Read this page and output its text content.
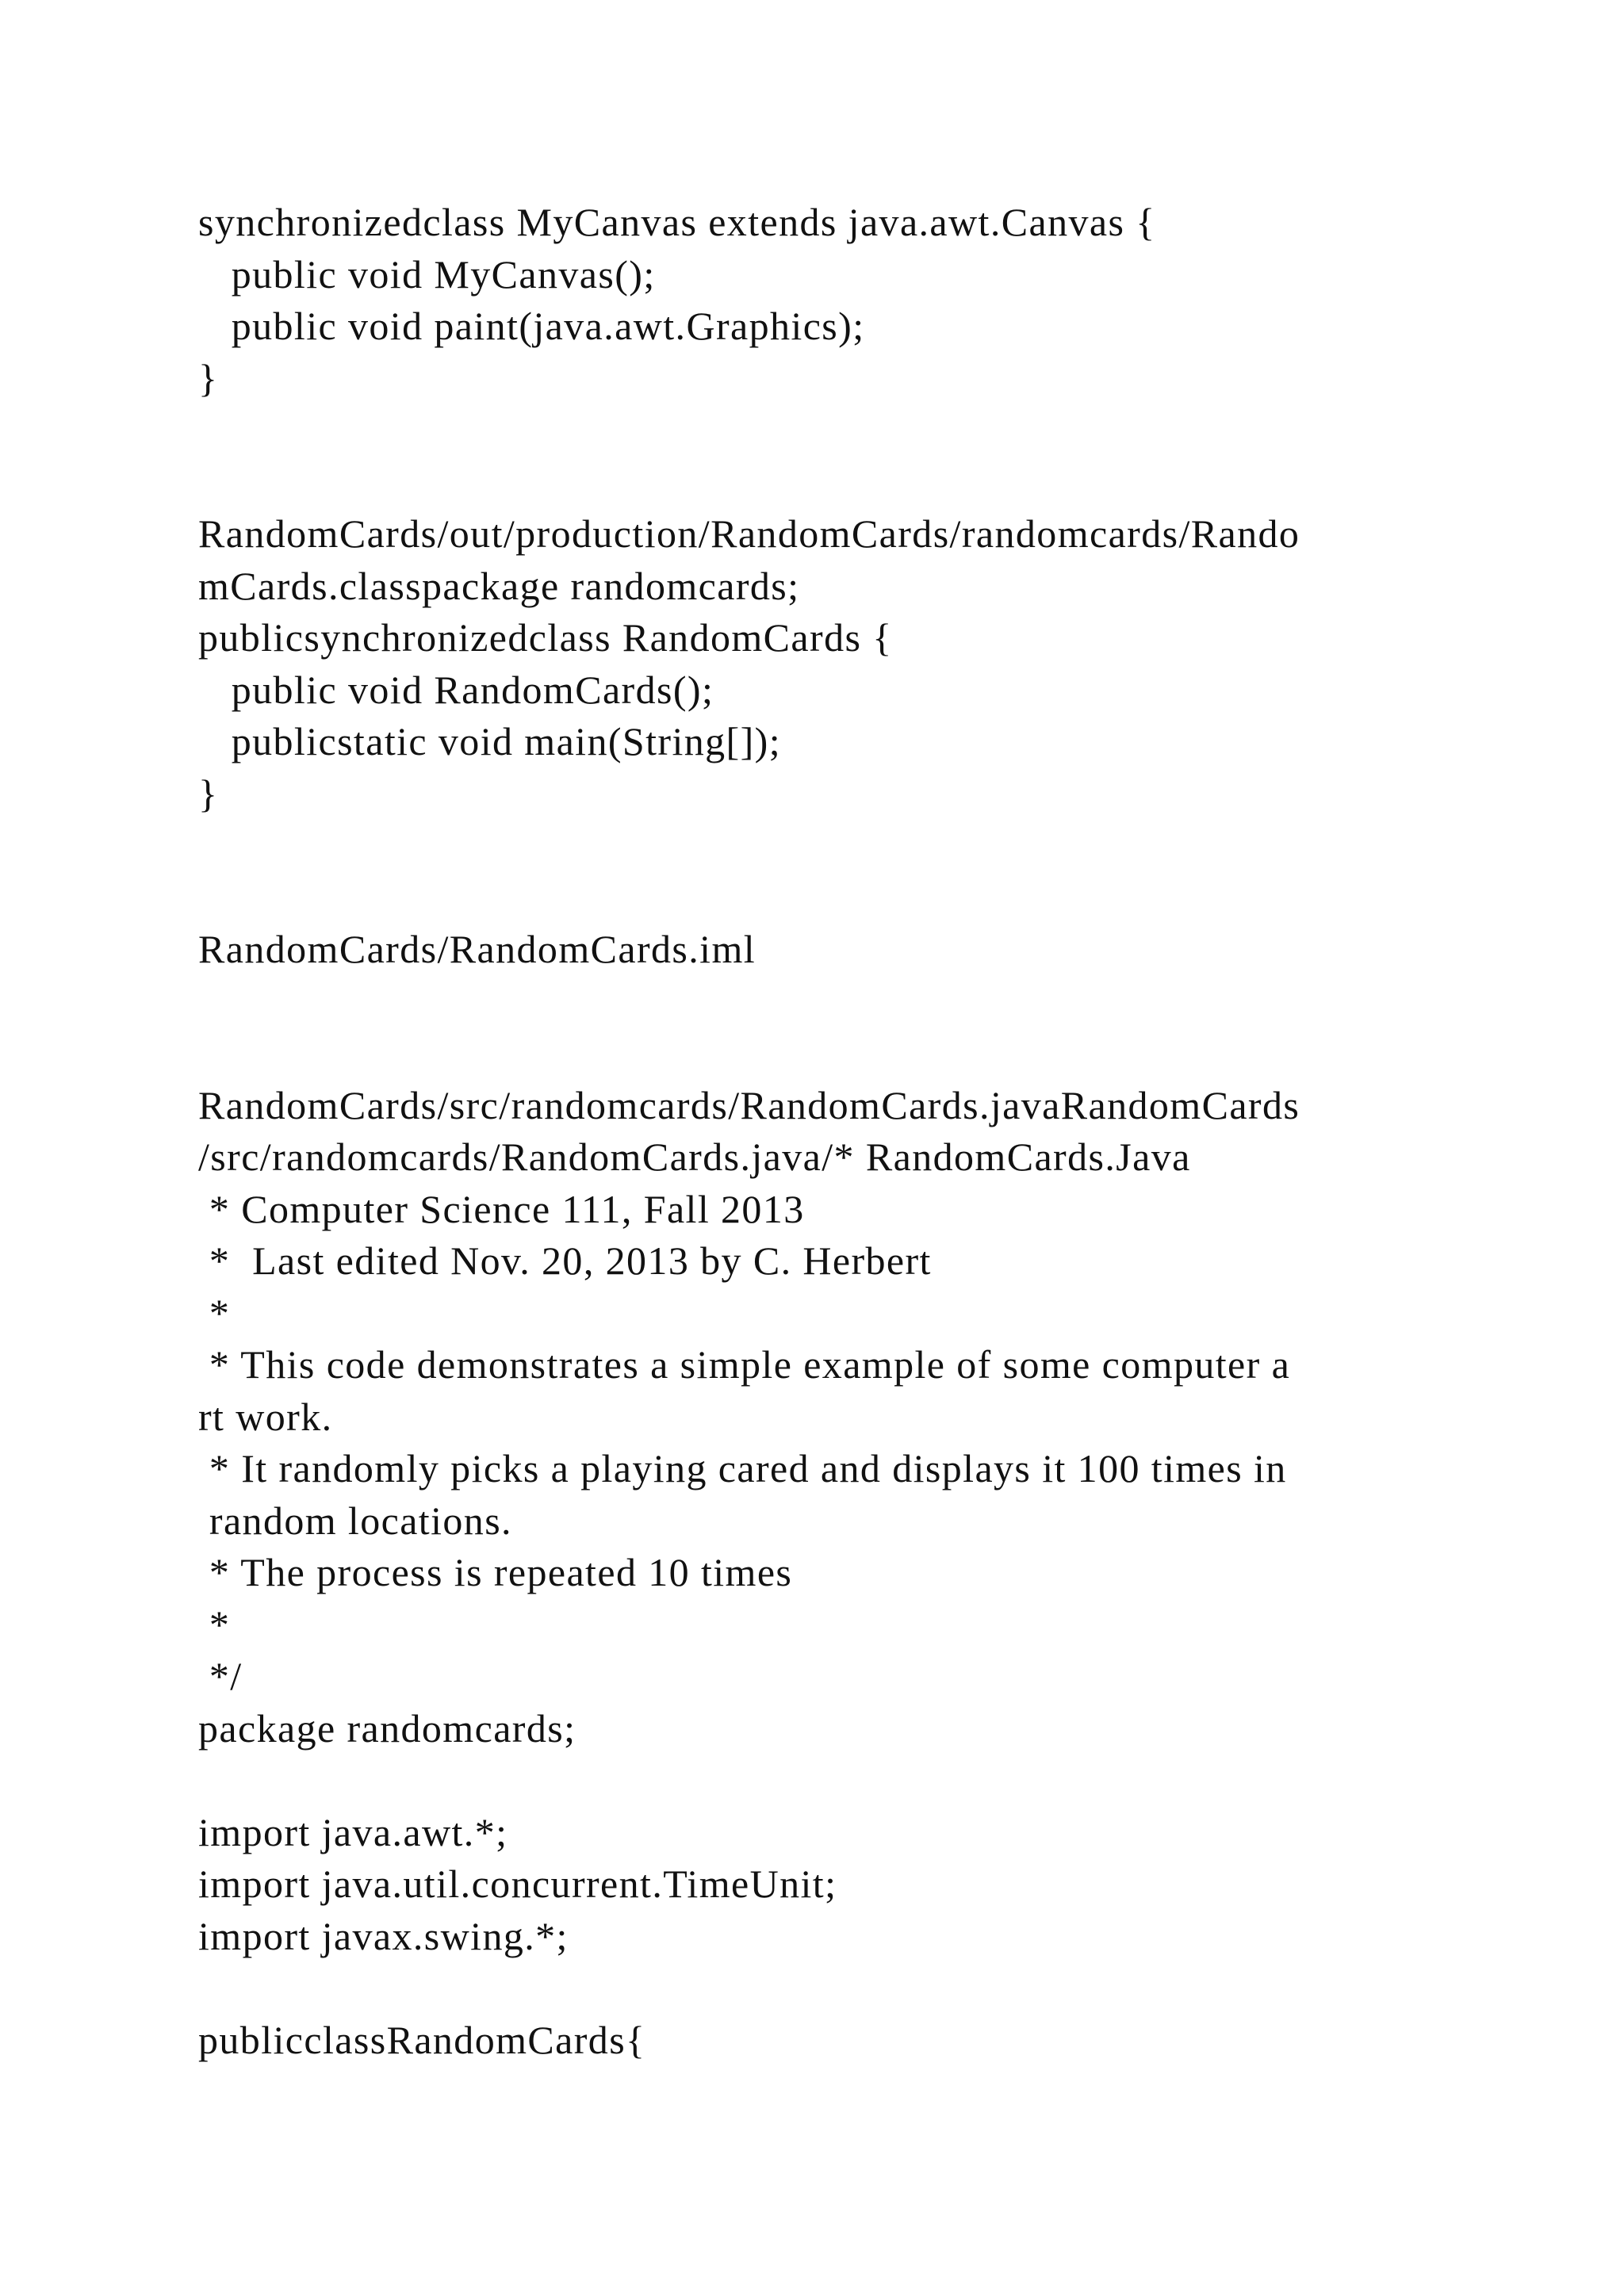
synchronizedclass MyCanvas extends java.awt.Canvas {
public void MyCanvas();
public void paint(java.awt.Graphics);
}
RandomCards/out/production/RandomCards/randomcards/Rando
mCards.classpackage randomcards;
publicsynchronizedclass RandomCards {
public void RandomCards();
publicstatic void main(String[]);
}
RandomCards/RandomCards.iml
RandomCards/src/randomcards/RandomCards.javaRandomCards
/src/randomcards/RandomCards.java/* RandomCards.Java
* Computer Science 111, Fall 2013
*  Last edited Nov. 20, 2013 by C. Herbert
*
* This code demonstrates a simple example of some computer a
rt work.
* It randomly picks a playing cared and displays it 100 times in
random locations.
* The process is repeated 10 times
*
*/
package randomcards;
import java.awt.*;
import java.util.concurrent.TimeUnit;
import javax.swing.*;
publicclassRandomCards{
